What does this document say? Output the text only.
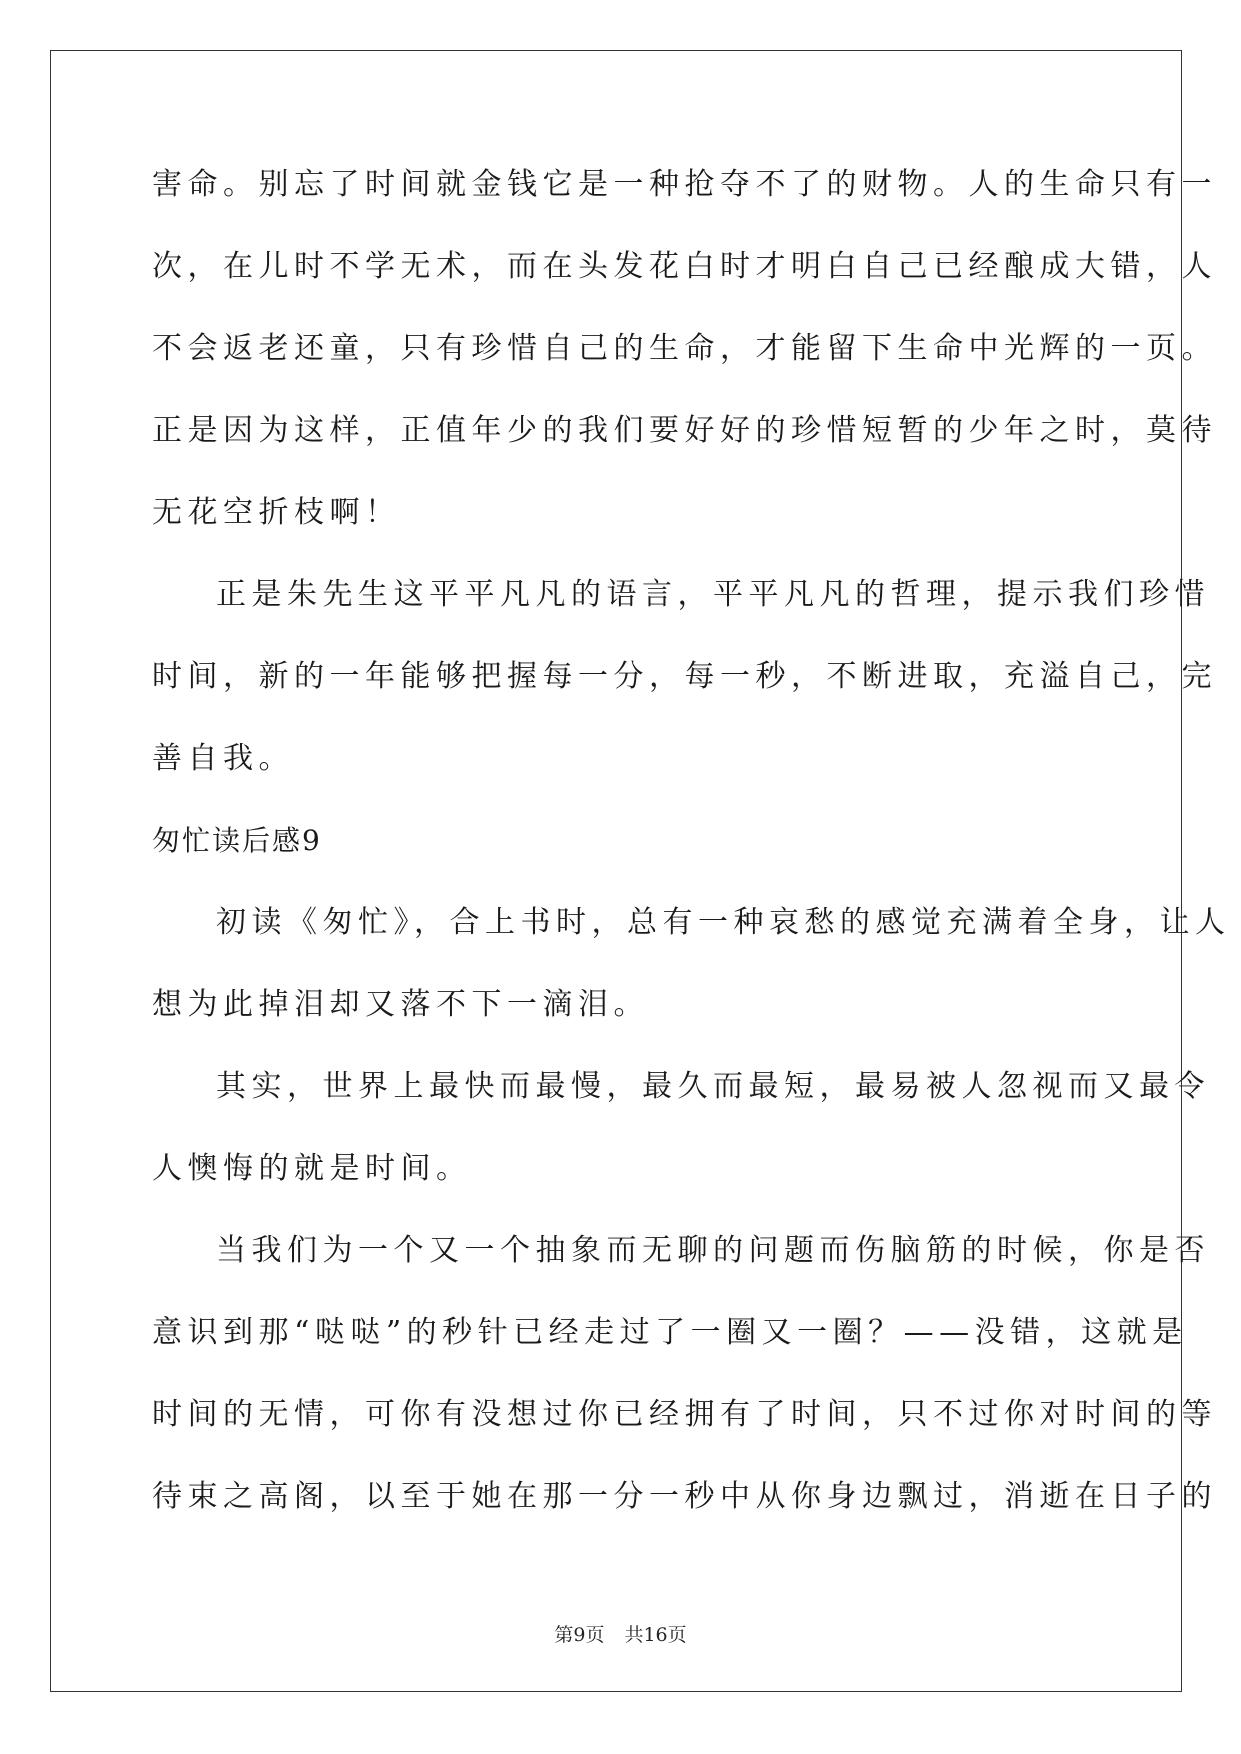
害命。别忘了时间就金钱它是一种抢夺不了的财物。人的生命只有一
次，在儿时不学无术，而在头发花白时才明白自己已经酿成大错，人
不会返老还童，只有珍惜自己的生命，才能留下生命中光辉的一页。
正是因为这样，正值年少的我们要好好的珍惜短暂的少年之时，莫待
无花空折枝啊！
正是朱先生这平平凡凡的语言，平平凡凡的哲理，提示我们珍惜
时间，新的一年能够把握每一分，每一秒，不断进取，充溢自己，完
善自我。
匆忙读后感9
初读《匆忙》，合上书时，总有一种哀愁的感觉充满着全身，让人
想为此掉泪却又落不下一滴泪。
其实，世界上最快而最慢，最久而最短，最易被人忽视而又最令
人懊悔的就是时间。
当我们为一个又一个抽象而无聊的问题而伤脑筋的时候，你是否
意识到那“哒哒”的秒针已经走过了一圈又一圈？——没错，这就是
时间的无情，可你有没想过你已经拥有了时间，只不过你对时间的等
待束之高阁，以至于她在那一分一秒中从你身边飘过，消逝在日子的
第9页 共16页
